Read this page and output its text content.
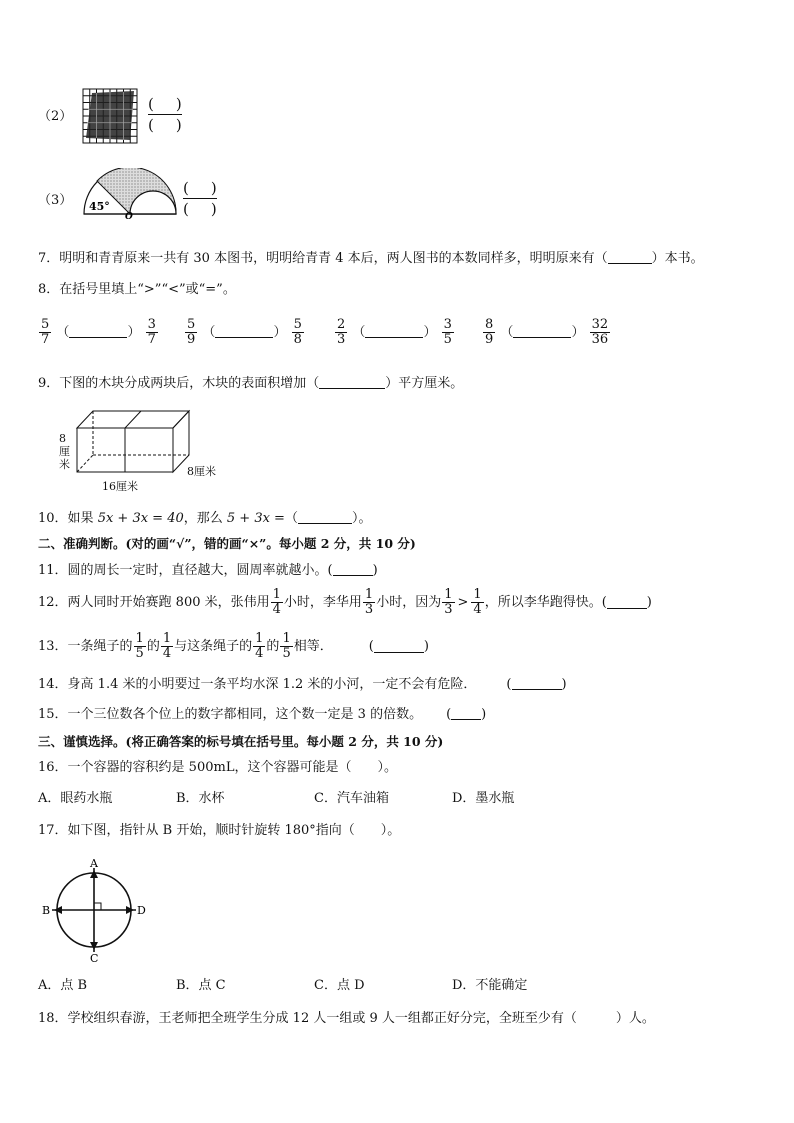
（2）
( )
( )
（3） 45°
O
( )
( )
7．明明和青青原来一共有 30 本图书，明明给青青 4 本后，两人图书的本数同样多，明明原来有（	）本书。
8．在括号里填上“>”“<”或“=”。
$\frac{5}{7}$ （	） $\frac{3}{7} \frac{5}{9}$ （	） $\frac{5}{8} \frac{2}{3}$ （	） $\frac{3}{5} \frac{8}{9}$ （	） $\frac{32}{36}$
9．下图的木块分成两块后，木块的表面积增加（	）平方厘米。
8
厘
米
8厘米
16厘米
10．如果 5x + 3x = 40，那么 5 + 3x =（	）。
二、准确判断。(对的画“√”，错的画“×”。每小题 2 分，共 10 分)
11．圆的周长一定时，直径越大，圆周率就越小。(	)
12．两人同时开始赛跑 800 米，张伟用 $\frac{1}{4}$ 小时，李华用 $\frac{1}{3}$ 小时，因为 $\frac{1}{3} > \frac{1}{4}$ ，所以李华跑得快。(	)
13．一条绳子的 $\frac{1}{5}$ 的 $\frac{1}{4}$ 与这条绳子的 $\frac{1}{4}$ 的 $\frac{1}{5}$ 相等．	(	)
14．身高 1.4 米的小明要过一条平均水深 1.2 米的小河，一定不会有危险． (	)
15．一个三位数各个位上的数字都相同，这个数一定是 3 的倍数。 ( )
三、谨慎选择。(将正确答案的标号填在括号里。每小题 2 分，共 10 分)
16．一个容器的容积约是 500mL，这个容器可能是（　　）。
A．眼药水瓶	B．水杯	C．汽车油箱	D．墨水瓶
17．如下图，指针从 B 开始，顺时针旋转 180°指向（　　）。
A
B
C
D
A．点 B	B．点 C	C．点 D	D．不能确定
18．学校组织春游，王老师把全班学生分成 12 人一组或 9 人一组都正好分完，全班至少有（　　　）人。
